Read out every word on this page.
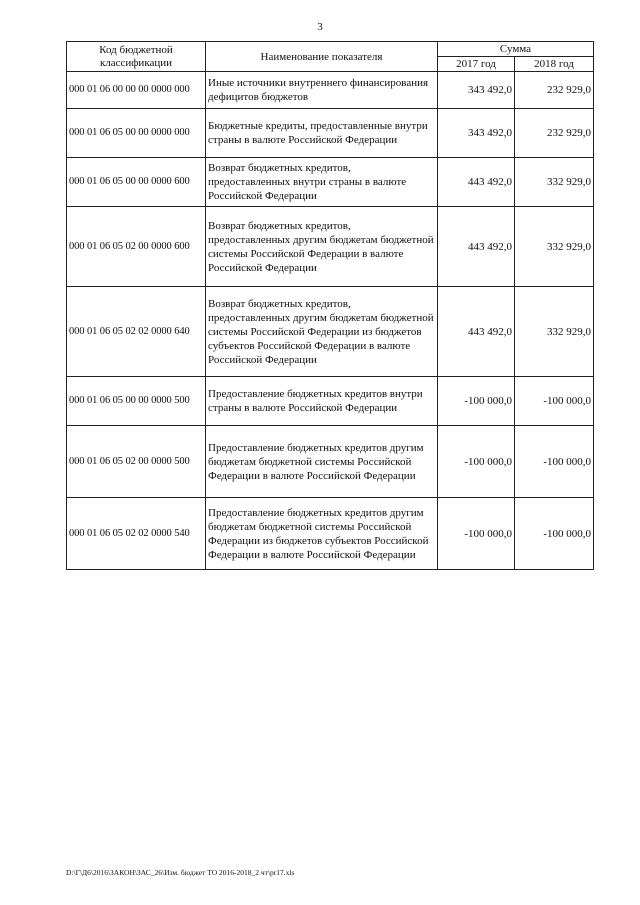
3
Код бюджетной классификации	Наименование показателя	Сумма	
		2017 год	2018 год
000 01 06 00 00 00 0000 000	Иные источники внутреннего финансирования дефицитов бюджетов	343 492,0	232 929,0
000 01 06 05 00 00 0000 000	Бюджетные кредиты, предоставленные внутри страны в валюте Российской Федерации	343 492,0	232 929,0
000 01 06 05 00 00 0000 600	Возврат бюджетных кредитов, предоставленных внутри страны в валюте Российской Федерации	443 492,0	332 929,0
000 01 06 05 02 00 0000 600	Возврат бюджетных кредитов, предоставленных другим бюджетам бюджетной системы Российской Федерации в валюте Российской Федерации	443 492,0	332 929,0
000 01 06 05 02 02 0000 640	Возврат бюджетных кредитов, предоставленных другим бюджетам бюджетной системы Российской Федерации из бюджетов субъектов Российской Федерации в валюте Российской Федерации	443 492,0	332 929,0
000 01 06 05 00 00 0000 500	Предоставление бюджетных кредитов внутри страны в валюте Российской Федерации	-100 000,0	-100 000,0
000 01 06 05 02 00 0000 500	Предоставление бюджетных кредитов другим бюджетам бюджетной системы Российской Федерации в валюте Российской Федерации	-100 000,0	-100 000,0
000 01 06 05 02 02 0000 540	Предоставление бюджетных кредитов другим бюджетам бюджетной системы Российской Федерации из бюджетов субъектов Российской Федерации в валюте Российской Федерации	-100 000,0	-100 000,0
D:\Г\Д6\2016\ЗАКОН\ЗАС_26\Изм. бюджет ТО 2016-2018_2 чт\pr17.xls
